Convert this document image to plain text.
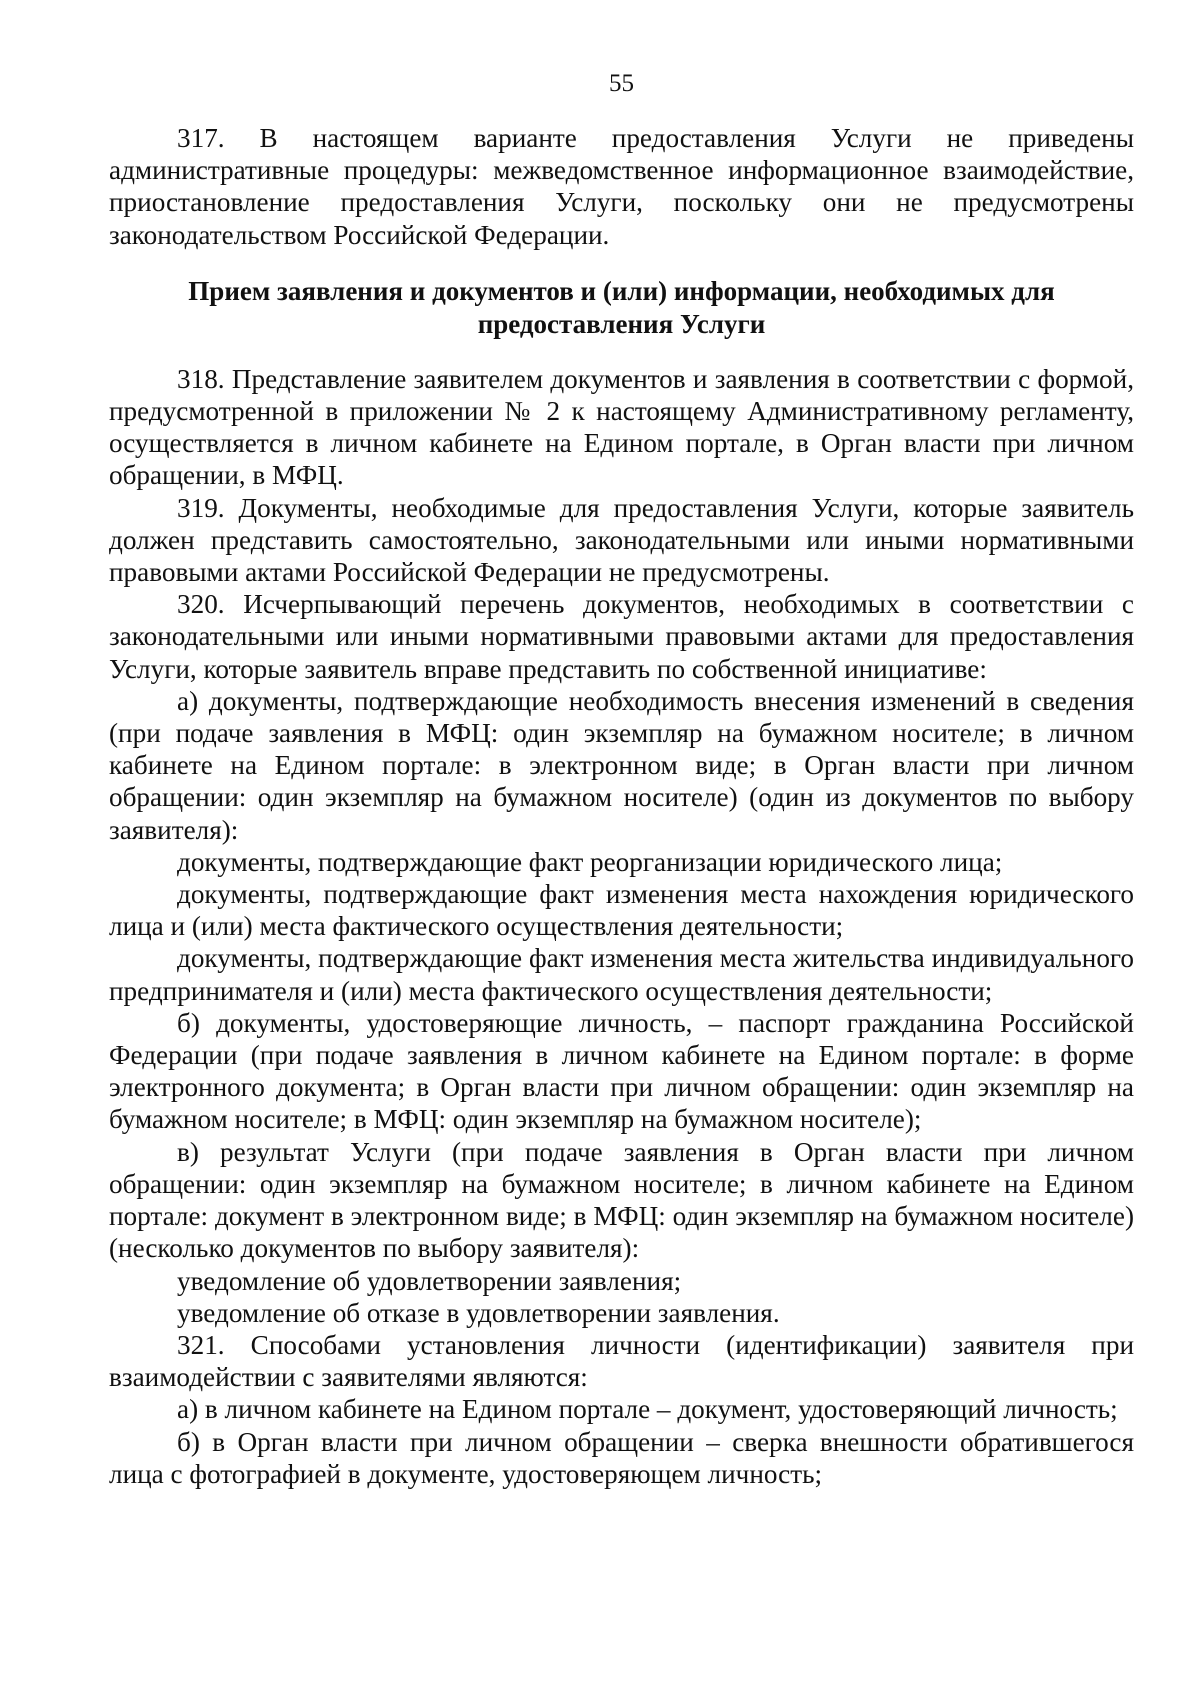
55

317. В настоящем варианте предоставления Услуги не приведены административные процедуры: межведомственное информационное взаимодействие, приостановление предоставления Услуги, поскольку они не предусмотрены законодательством Российской Федерации.

Прием заявления и документов и (или) информации, необходимых для предоставления Услуги

318. Представление заявителем документов и заявления в соответствии с формой, предусмотренной в приложении № 2 к настоящему Административному регламенту, осуществляется в личном кабинете на Едином портале, в Орган власти при личном обращении, в МФЦ.

319. Документы, необходимые для предоставления Услуги, которые заявитель должен представить самостоятельно, законодательными или иными нормативными правовыми актами Российской Федерации не предусмотрены.

320. Исчерпывающий перечень документов, необходимых в соответствии с законодательными или иными нормативными правовыми актами для предоставления Услуги, которые заявитель вправе представить по собственной инициативе:

а) документы, подтверждающие необходимость внесения изменений в сведения (при подаче заявления в МФЦ: один экземпляр на бумажном носителе; в личном кабинете на Едином портале: в электронном виде; в Орган власти при личном обращении: один экземпляр на бумажном носителе) (один из документов по выбору заявителя):

документы, подтверждающие факт реорганизации юридического лица;

документы, подтверждающие факт изменения места нахождения юридического лица и (или) места фактического осуществления деятельности;

документы, подтверждающие факт изменения места жительства индивидуального предпринимателя и (или) места фактического осуществления деятельности;

б) документы, удостоверяющие личность, – паспорт гражданина Российской Федерации (при подаче заявления в личном кабинете на Едином портале: в форме электронного документа; в Орган власти при личном обращении: один экземпляр на бумажном носителе; в МФЦ: один экземпляр на бумажном носителе);

в) результат Услуги (при подаче заявления в Орган власти при личном обращении: один экземпляр на бумажном носителе; в личном кабинете на Едином портале: документ в электронном виде; в МФЦ: один экземпляр на бумажном носителе) (несколько документов по выбору заявителя):

уведомление об удовлетворении заявления;

уведомление об отказе в удовлетворении заявления.

321. Способами установления личности (идентификации) заявителя при взаимодействии с заявителями являются:

а) в личном кабинете на Едином портале – документ, удостоверяющий личность;

б) в Орган власти при личном обращении – сверка внешности обратившегося лица с фотографией в документе, удостоверяющем личность;
